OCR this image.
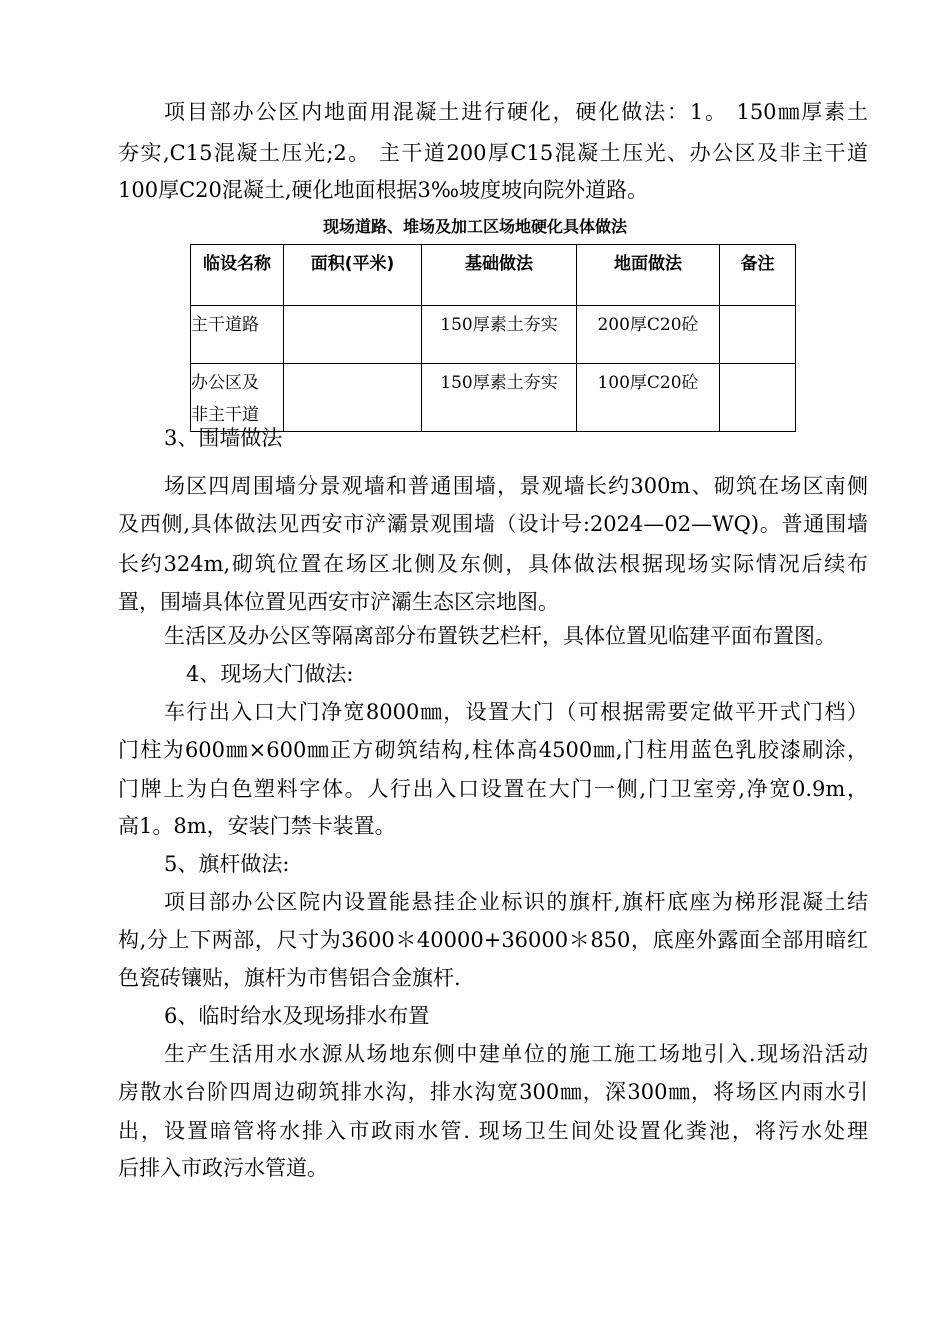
项目部办公区内地面用混凝土进行硬化，硬化做法：1。 150㎜厚素土
夯实,C15混凝土压光;2。 主干道200厚C15混凝土压光、办公区及非主干道
100厚C20混凝土,硬化地面根据3‰坡度坡向院外道路。
现场道路、堆场及加工区场地硬化具体做法
临设名称	面积(平米)	基础做法	地面做法	备注

主干道路		150厚素土夯实	200厚C20砼	

办公区及
非主干道		150厚素土夯实	100厚C20砼	
3、围墙做法
场区四周围墙分景观墙和普通围墙，景观墙长约300m、砌筑在场区南侧
及西侧,具体做法见西安市浐灞景观围墙（设计号:2024—02—WQ)。普通围墙
长约324m,砌筑位置在场区北侧及东侧，具体做法根据现场实际情况后续布
置，围墙具体位置见西安市浐灞生态区宗地图。
生活区及办公区等隔离部分布置铁艺栏杆，具体位置见临建平面布置图。
4、现场大门做法:
车行出入口大门净宽8000㎜，设置大门（可根据需要定做平开式门档）
门柱为600㎜×600㎜正方砌筑结构,柱体高4500㎜,门柱用蓝色乳胶漆刷涂，
门牌上为白色塑料字体。人行出入口设置在大门一侧,门卫室旁,净宽0.9m，
高1。8m，安装门禁卡装置。
5、旗杆做法:
项目部办公区院内设置能悬挂企业标识的旗杆,旗杆底座为梯形混凝土结
构,分上下两部，尺寸为3600＊40000+36000＊850，底座外露面全部用暗红
色瓷砖镶贴，旗杆为市售铝合金旗杆.
6、临时给水及现场排水布置
生产生活用水水源从场地东侧中建单位的施工施工场地引入.现场沿活动
房散水台阶四周边砌筑排水沟，排水沟宽300㎜，深300㎜，将场区内雨水引
出，设置暗管将水排入市政雨水管. 现场卫生间处设置化粪池，将污水处理
后排入市政污水管道。
